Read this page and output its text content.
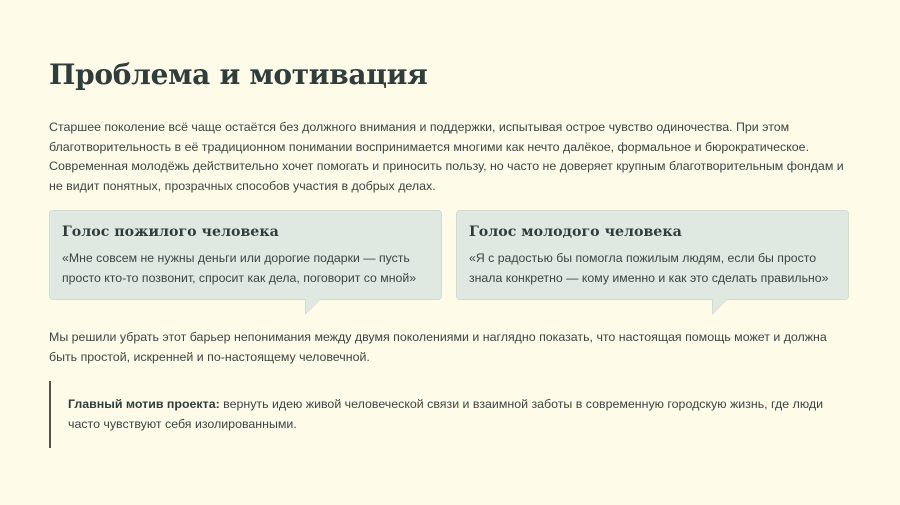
Проблема и мотивация

Старшее поколение всё чаще остаётся без должного внимания и поддержки, испытывая острое чувство одиночества. При этом благотворительность в её традиционном понимании воспринимается многими как нечто далёкое, формальное и бюрократическое. Современная молодёжь действительно хочет помогать и приносить пользу, но часто не доверяет крупным благотворительным фондам и не видит понятных, прозрачных способов участия в добрых делах.

Голос пожилого человека

«Мне совсем не нужны деньги или дорогие подарки — пусть просто кто-то позвонит, спросит как дела, поговорит со мной»

Голос молодого человека

«Я с радостью бы помогла пожилым людям, если бы просто знала конкретно — кому именно и как это сделать правильно»

Мы решили убрать этот барьер непонимания между двумя поколениями и наглядно показать, что настоящая помощь может и должна быть простой, искренней и по-настоящему человечной.

Главный мотив проекта: вернуть идею живой человеческой связи и взаимной заботы в современную городскую жизнь, где люди часто чувствуют себя изолированными.
